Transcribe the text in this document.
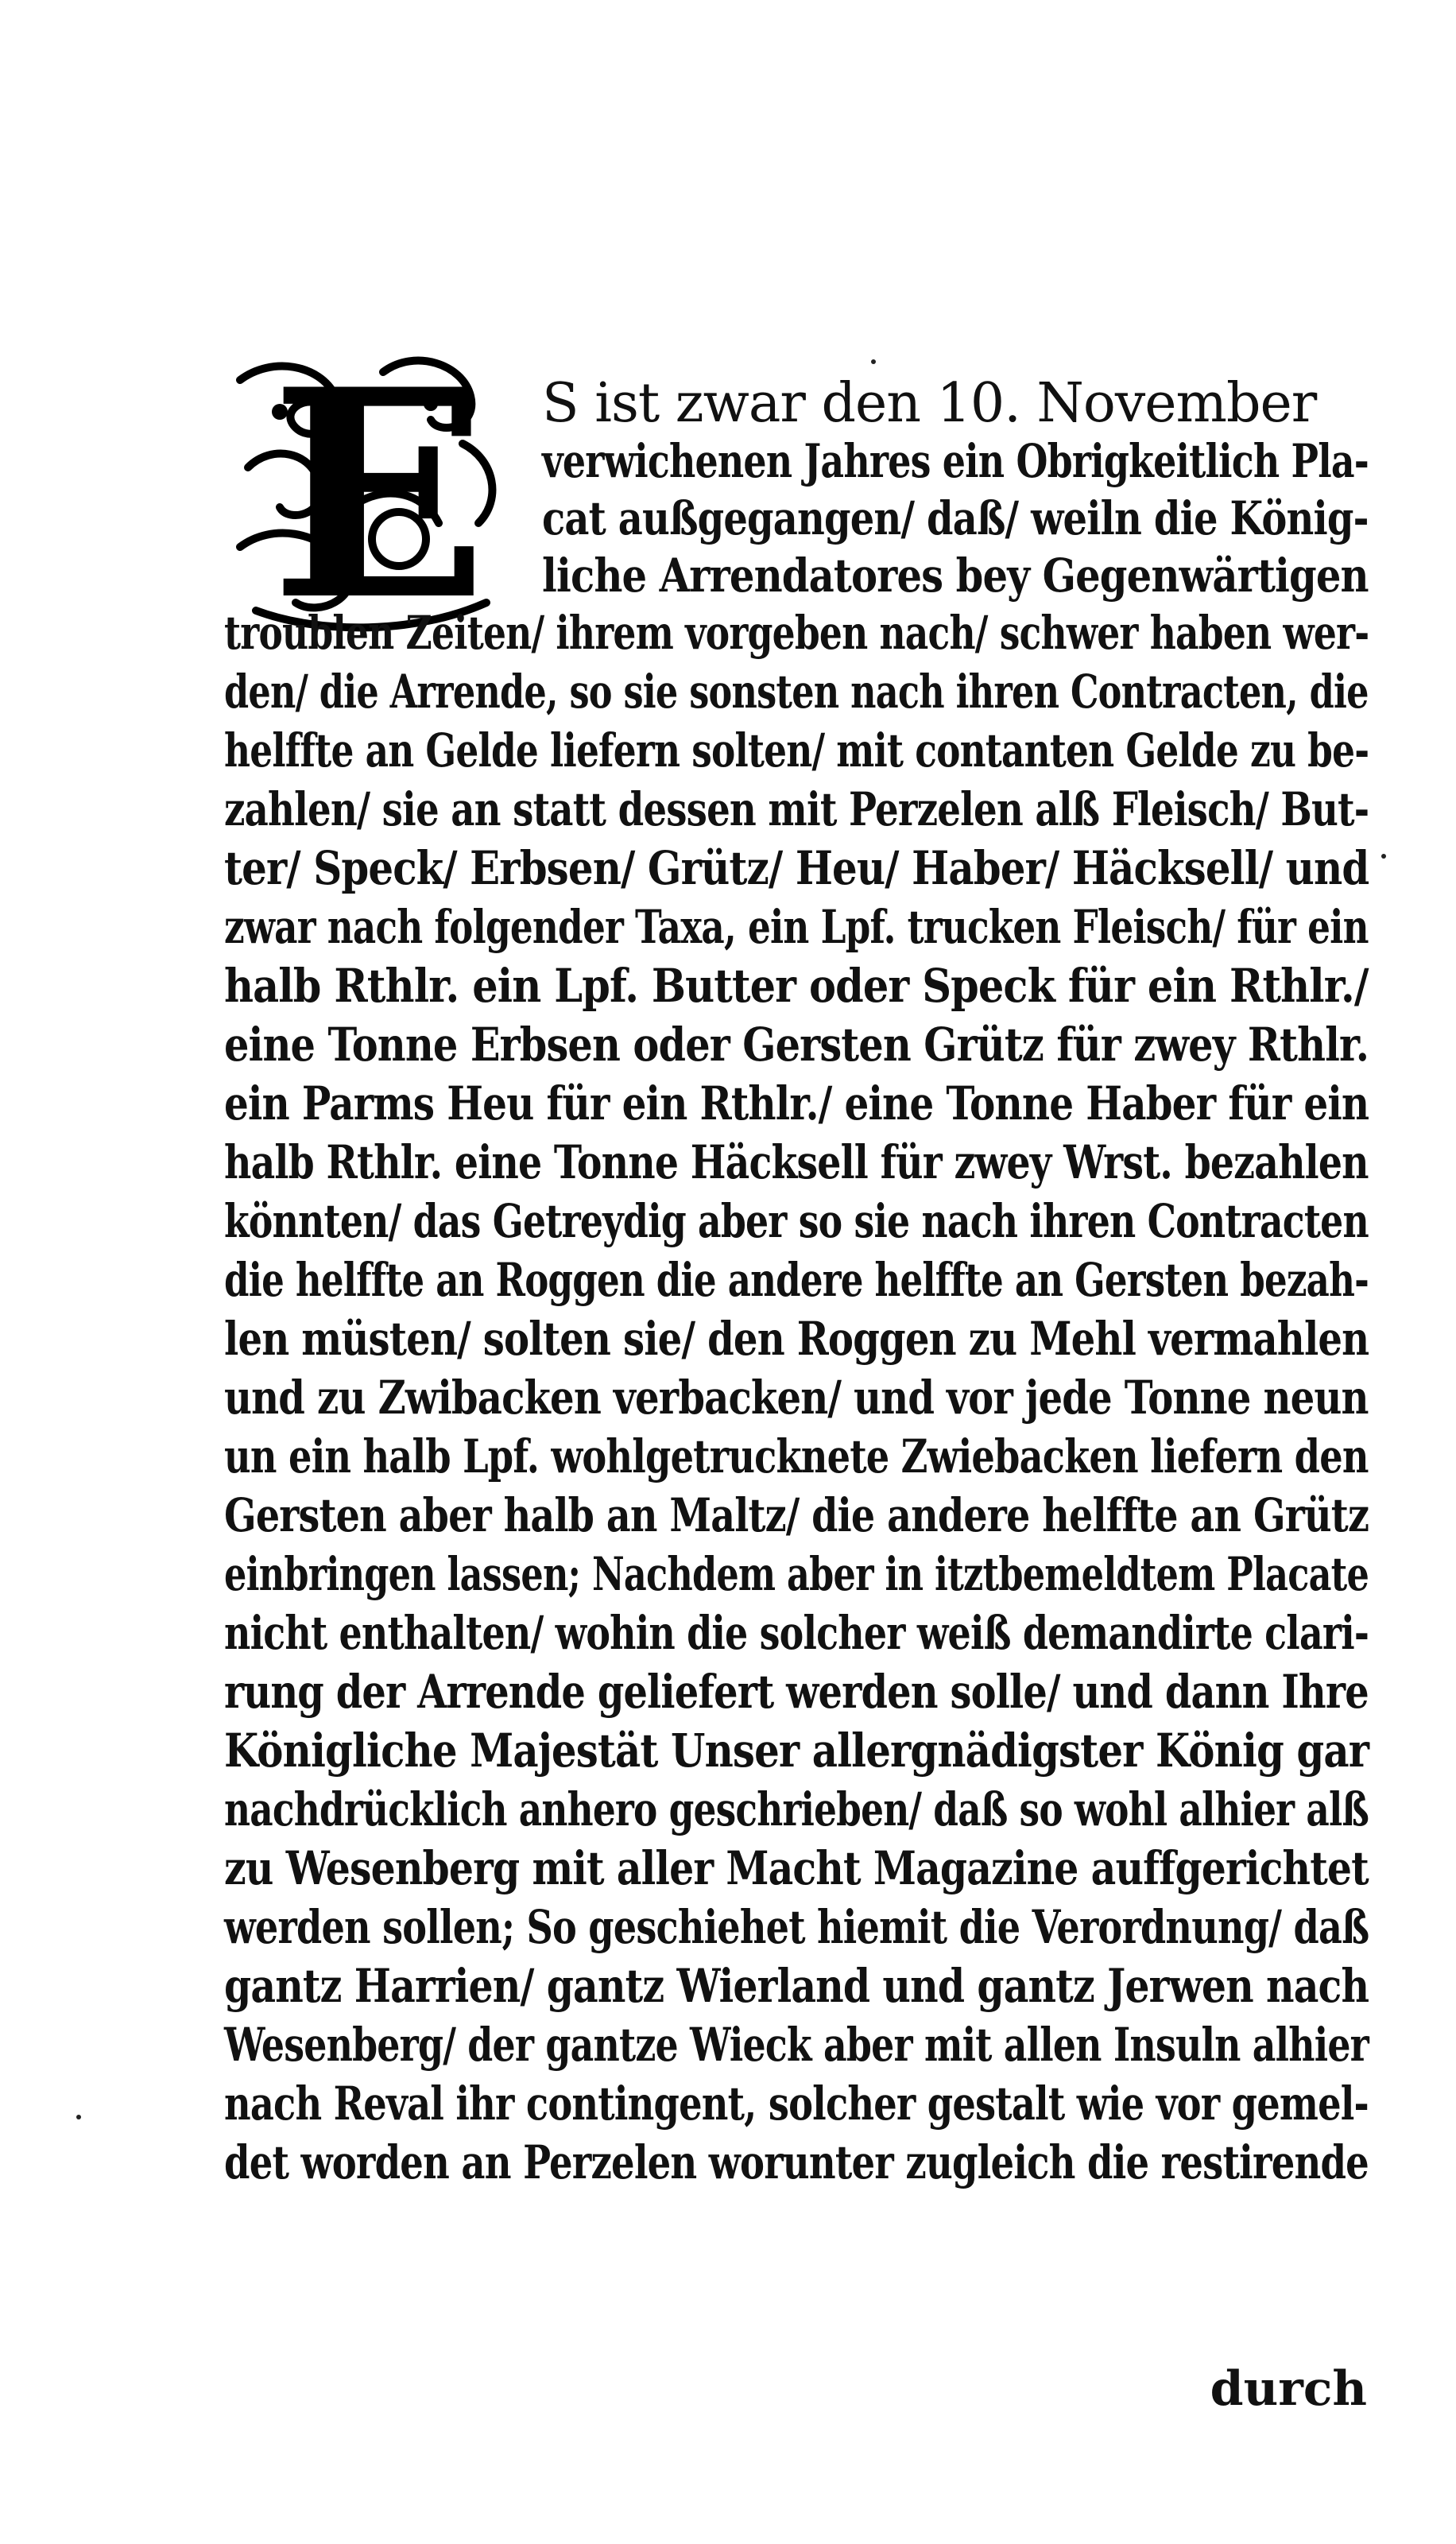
E S ist zwar den 10. November
verwichenen Jahres ein Obrigkeitlich Pla-
cat außgegangen/ daß/ weiln die König-
liche Arrendatores bey Gegenwärtigen
troublen Zeiten/ ihrem vorgeben nach/ schwer haben wer-
den/ die Arrende, so sie sonsten nach ihren Contracten, die
helffte an Gelde liefern solten/ mit contanten Gelde zu be-
zahlen/ sie an statt dessen mit Perzelen alß Fleisch/ But-
ter/ Speck/ Erbsen/ Grütz/ Heu/ Haber/ Häcksell/ und
zwar nach folgender Taxa, ein Lpf. trucken Fleisch/ für ein
halb Rthlr. ein Lpf. Butter oder Speck für ein Rthlr./
eine Tonne Erbsen oder Gersten Grütz für zwey Rthlr.
ein Parms Heu für ein Rthlr./ eine Tonne Haber für ein
halb Rthlr. eine Tonne Häcksell für zwey Wrst. bezahlen
könnten/ das Getreydig aber so sie nach ihren Contracten
die helffte an Roggen die andere helffte an Gersten bezah-
len müsten/ solten sie/ den Roggen zu Mehl vermahlen
und zu Zwibacken verbacken/ und vor jede Tonne neun
un ein halb Lpf. wohlgetrucknete Zwiebacken liefern den
Gersten aber halb an Maltz/ die andere helffte an Grütz
einbringen lassen; Nachdem aber in itztbemeldtem Placate
nicht enthalten/ wohin die solcher weiß demandirte clari-
rung der Arrende geliefert werden solle/ und dann Ihre
Königliche Majestät Unser allergnädigster König gar
nachdrücklich anhero geschrieben/ daß so wohl alhier alß
zu Wesenberg mit aller Macht Magazine auffgerichtet
werden sollen; So geschiehet hiemit die Verordnung/ daß
gantz Harrien/ gantz Wierland und gantz Jerwen nach
Wesenberg/ der gantze Wieck aber mit allen Insuln alhier
nach Reval ihr contingent, solcher gestalt wie vor gemel-
det worden an Perzelen worunter zugleich die restirende
durch
